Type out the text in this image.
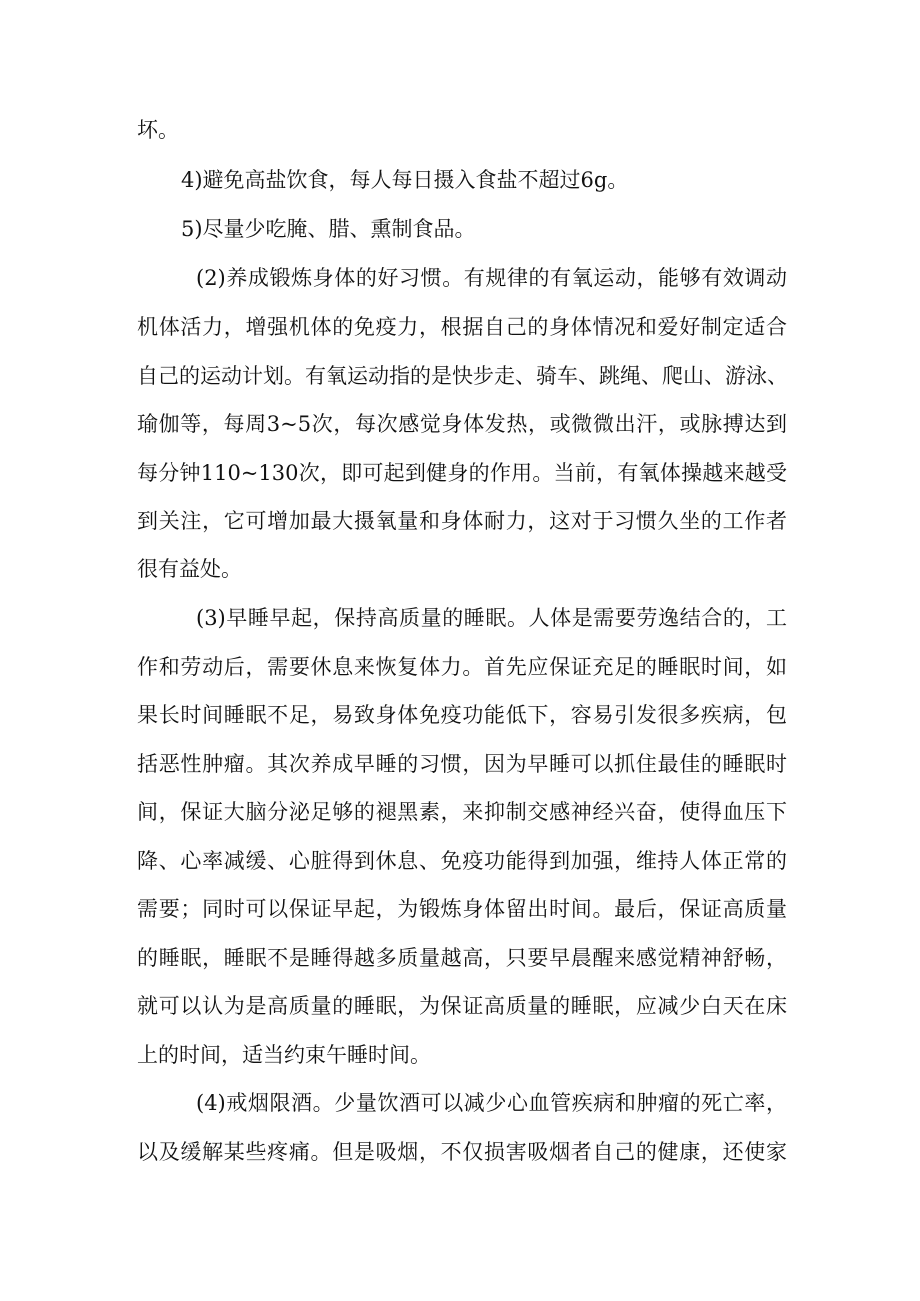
坏。
4)避免高盐饮食，每人每日摄入食盐不超过6g。
5)尽量少吃腌、腊、熏制食品。
(2)养成锻炼身体的好习惯。有规律的有氧运动，能够有效调动
机体活力，增强机体的免疫力，根据自己的身体情况和爱好制定适合
自己的运动计划。有氧运动指的是快步走、骑车、跳绳、爬山、游泳、
瑜伽等，每周3~5次，每次感觉身体发热，或微微出汗，或脉搏达到
每分钟110~130次，即可起到健身的作用。当前，有氧体操越来越受
到关注，它可增加最大摄氧量和身体耐力，这对于习惯久坐的工作者
很有益处。
(3)早睡早起，保持高质量的睡眠。人体是需要劳逸结合的，工
作和劳动后，需要休息来恢复体力。首先应保证充足的睡眠时间，如
果长时间睡眠不足，易致身体免疫功能低下，容易引发很多疾病，包
括恶性肿瘤。其次养成早睡的习惯，因为早睡可以抓住最佳的睡眠时
间，保证大脑分泌足够的褪黑素，来抑制交感神经兴奋，使得血压下
降、心率减缓、心脏得到休息、免疫功能得到加强，维持人体正常的
需要；同时可以保证早起，为锻炼身体留出时间。最后，保证高质量
的睡眠，睡眠不是睡得越多质量越高，只要早晨醒来感觉精神舒畅，
就可以认为是高质量的睡眠，为保证高质量的睡眠，应减少白天在床
上的时间，适当约束午睡时间。
(4)戒烟限酒。少量饮酒可以减少心血管疾病和肿瘤的死亡率，
以及缓解某些疼痛。但是吸烟，不仅损害吸烟者自己的健康，还使家
